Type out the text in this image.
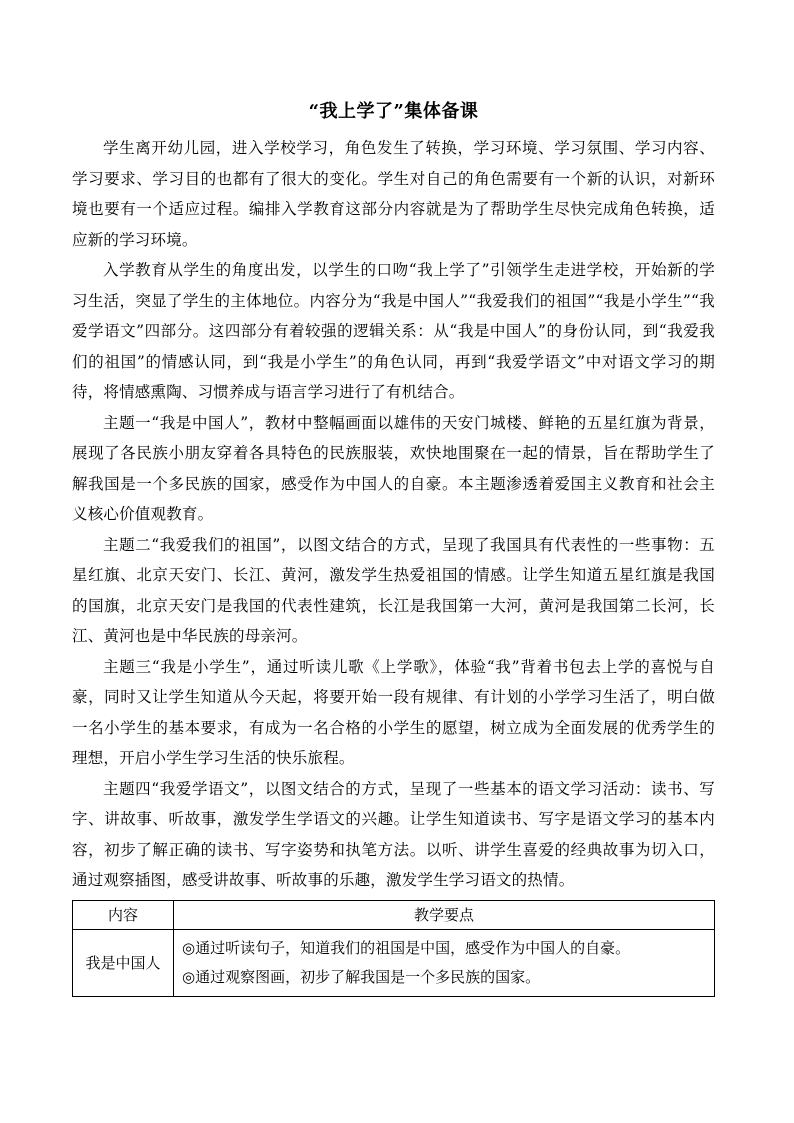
“我上学了”集体备课

学生离开幼儿园，进入学校学习，角色发生了转换，学习环境、学习氛围、学习内容、学习要求、学习目的也都有了很大的变化。学生对自己的角色需要有一个新的认识，对新环境也要有一个适应过程。编排入学教育这部分内容就是为了帮助学生尽快完成角色转换，适应新的学习环境。

入学教育从学生的角度出发，以学生的口吻“我上学了”引领学生走进学校，开始新的学习生活，突显了学生的主体地位。内容分为“我是中国人”“我爱我们的祖国”“我是小学生”“我爱学语文”四部分。这四部分有着较强的逻辑关系：从“我是中国人”的身份认同，到“我爱我们的祖国”的情感认同，到“我是小学生”的角色认同，再到“我爱学语文”中对语文学习的期待，将情感熏陶、习惯养成与语言学习进行了有机结合。

主题一“我是中国人”，教材中整幅画面以雄伟的天安门城楼、鲜艳的五星红旗为背景，展现了各民族小朋友穿着各具特色的民族服装，欢快地围聚在一起的情景，旨在帮助学生了解我国是一个多民族的国家，感受作为中国人的自豪。本主题渗透着爱国主义教育和社会主义核心价值观教育。

主题二“我爱我们的祖国”，以图文结合的方式，呈现了我国具有代表性的一些事物：五星红旗、北京天安门、长江、黄河，激发学生热爱祖国的情感。让学生知道五星红旗是我国的国旗，北京天安门是我国的代表性建筑，长江是我国第一大河，黄河是我国第二长河，长江、黄河也是中华民族的母亲河。

主题三“我是小学生”，通过听读儿歌《上学歌》，体验“我”背着书包去上学的喜悦与自豪，同时又让学生知道从今天起，将要开始一段有规律、有计划的小学学习生活了，明白做一名小学生的基本要求，有成为一名合格的小学生的愿望，树立成为全面发展的优秀学生的理想，开启小学生学习生活的快乐旅程。

主题四“我爱学语文”，以图文结合的方式，呈现了一些基本的语文学习活动：读书、写字、讲故事、听故事，激发学生学语文的兴趣。让学生知道读书、写字是语文学习的基本内容，初步了解正确的读书、写字姿势和执笔方法。以听、讲学生喜爱的经典故事为切入口，通过观察插图，感受讲故事、听故事的乐趣，激发学生学习语文的热情。

内容	教学要点
我是中国人	◎通过听读句子，知道我们的祖国是中国，感受作为中国人的自豪。
◎通过观察图画，初步了解我国是一个多民族的国家。
